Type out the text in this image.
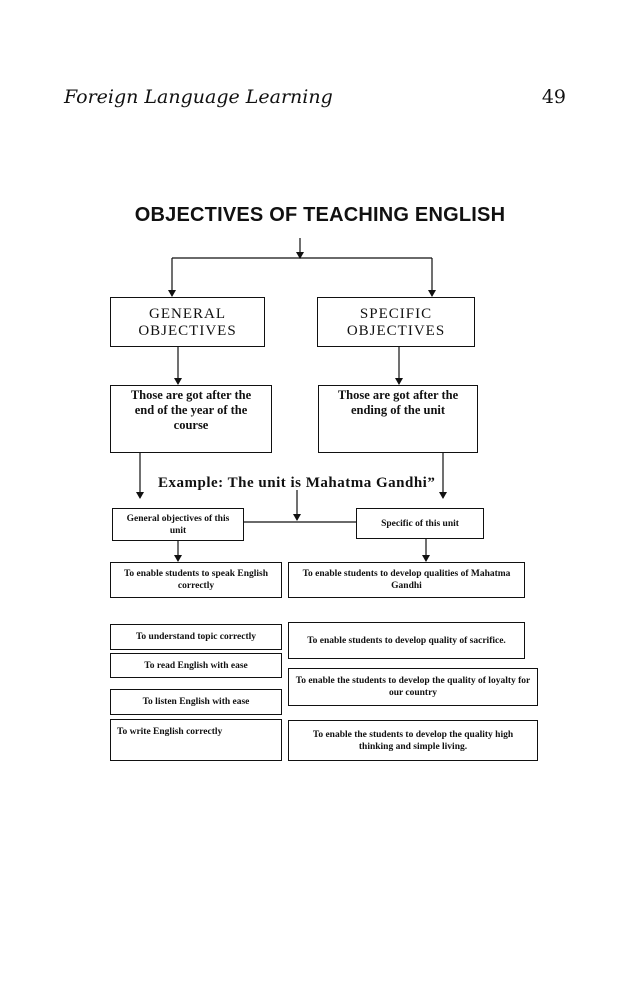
Foreign Language Learning	49
OBJECTIVES OF TEACHING ENGLISH
GENERAL OBJECTIVES
SPECIFIC OBJECTIVES
Those are got after the end of the year of the course
Those are got after the ending of the unit
Example: The unit is Mahatma Gandhi”
General objectives of this unit
Specific of this unit
To enable students to speak English correctly
To enable students to develop qualities of Mahatma Gandhi
To understand topic correctly
To read English with ease
To listen English with ease
To write English correctly
To enable students to develop quality of sacrifice.
To enable the students to develop the quality of loyalty for our country
To enable the students to develop the quality high thinking and simple living.
